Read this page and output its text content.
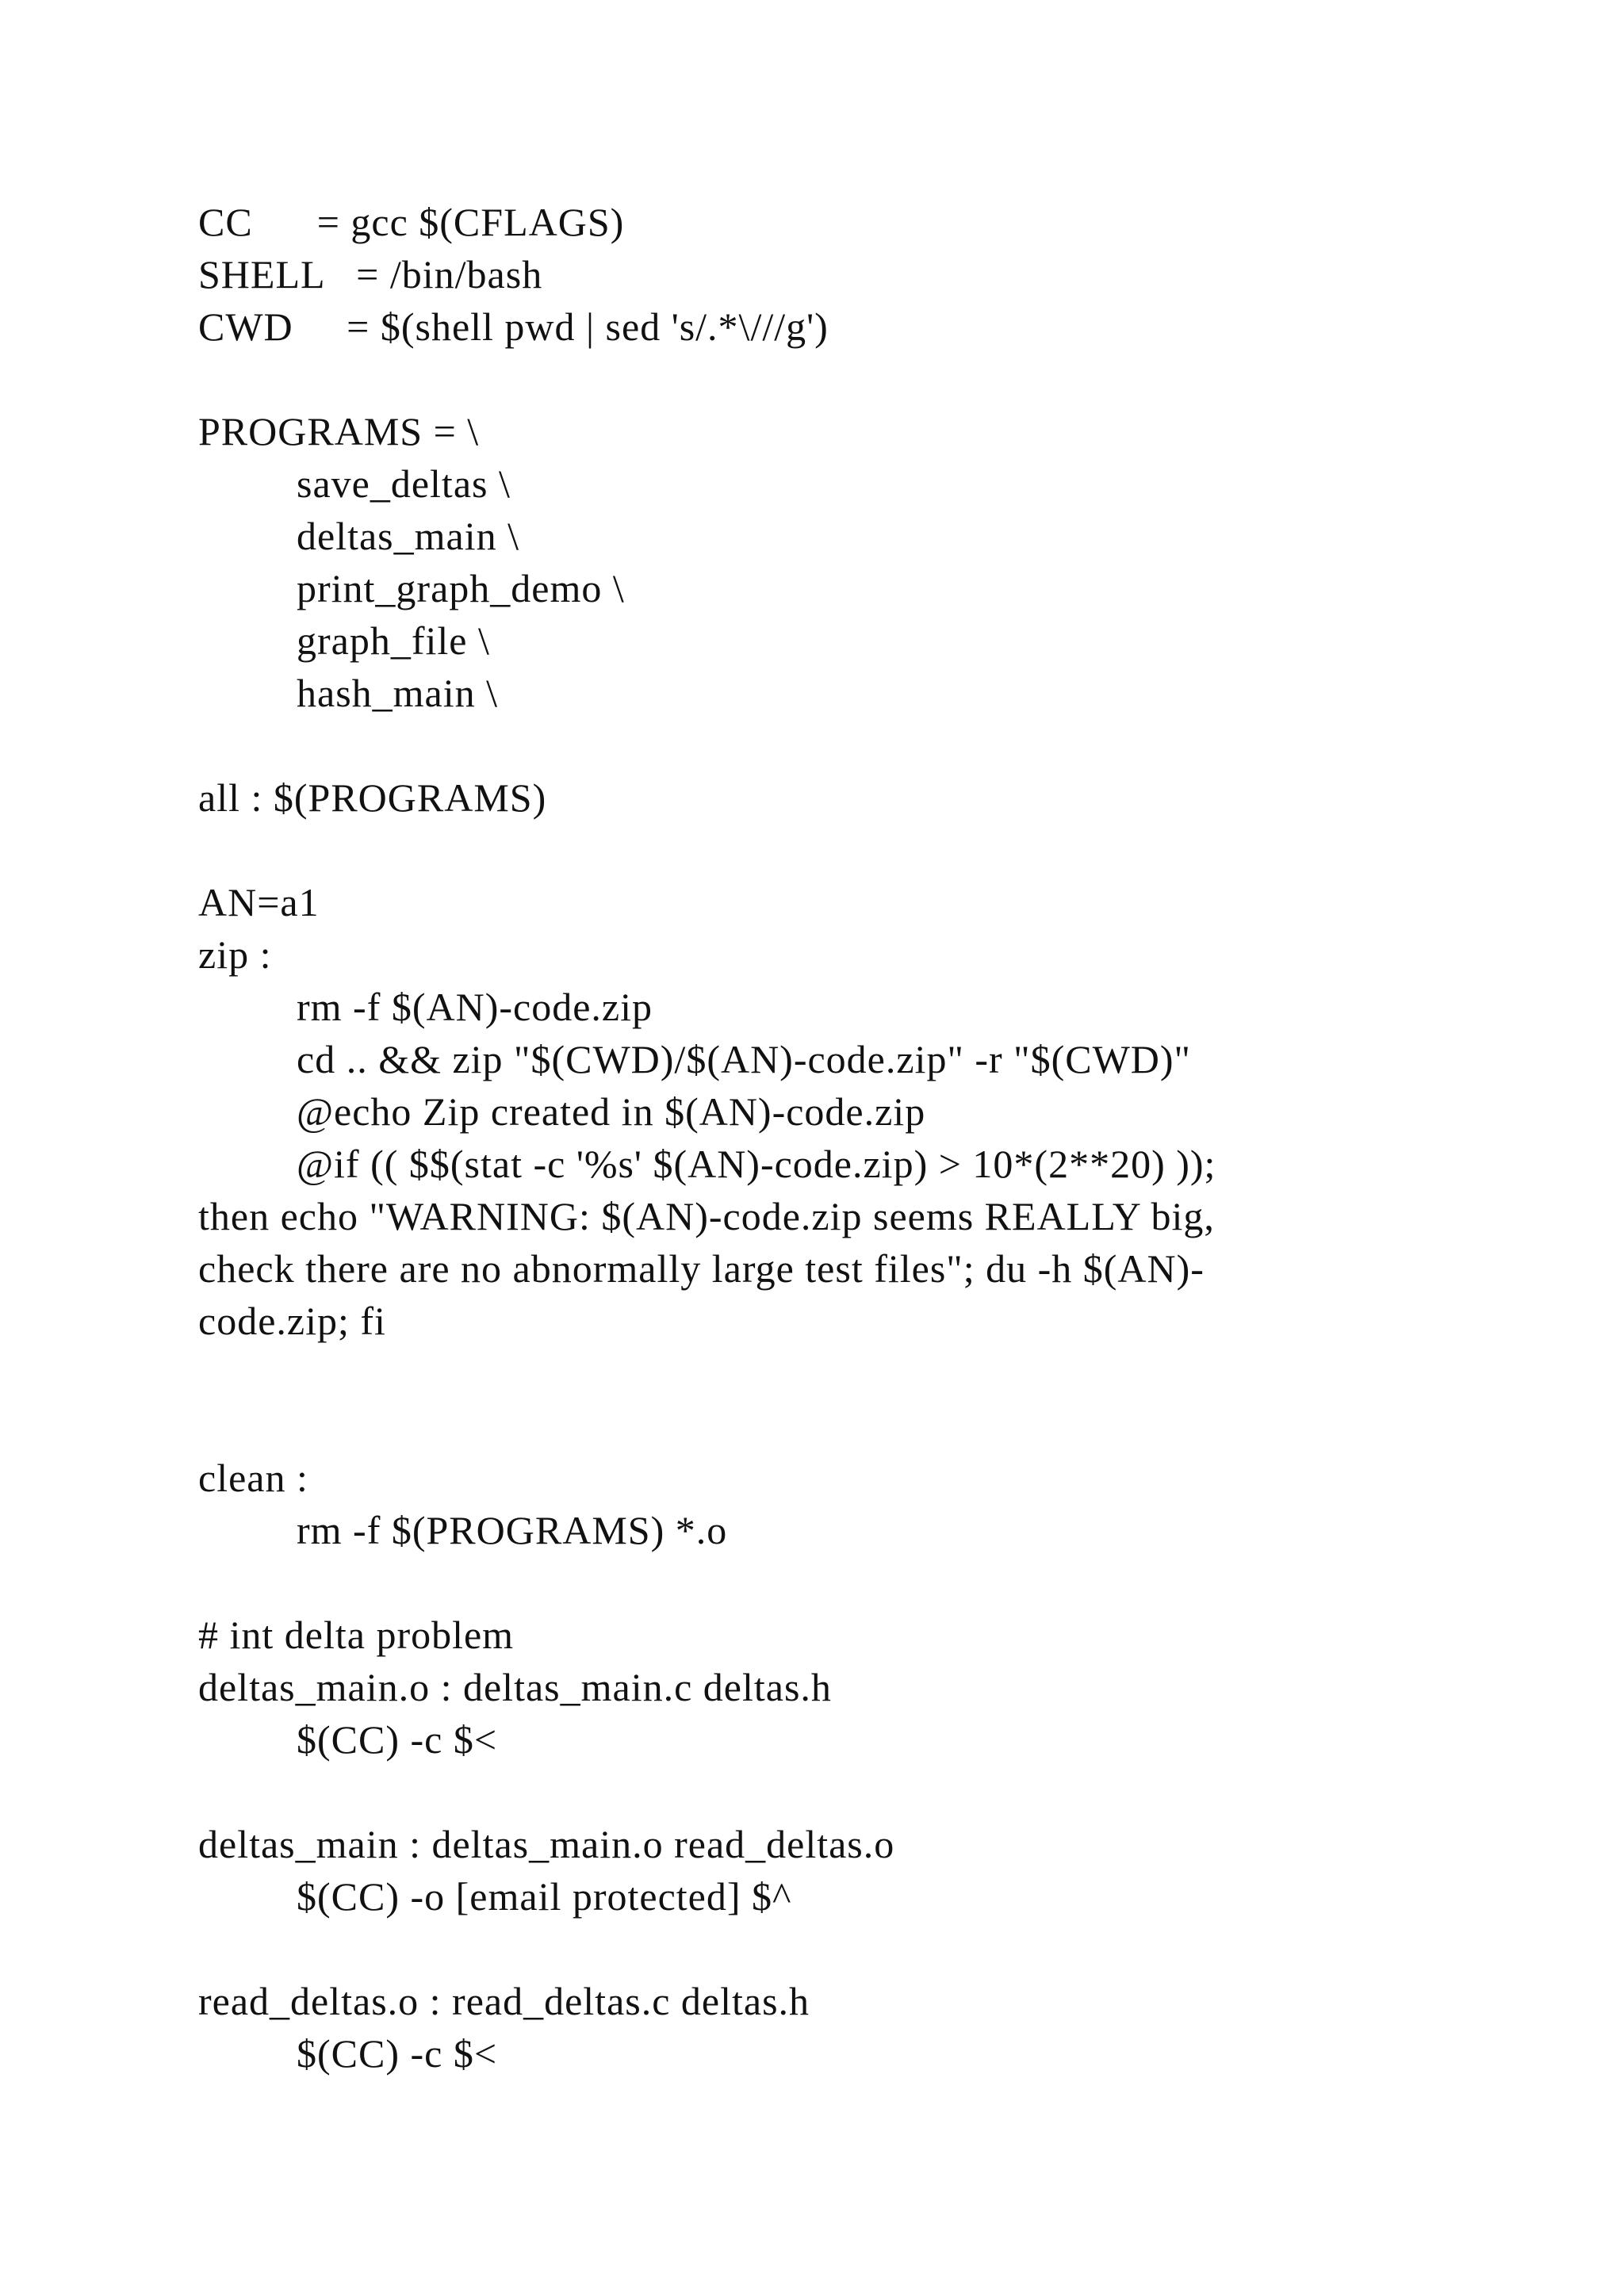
CC      = gcc $(CFLAGS)
SHELL   = /bin/bash
CWD     = $(shell pwd | sed 's/.*\///g')
PROGRAMS = \
save_deltas \
deltas_main \
print_graph_demo \
graph_file \
hash_main \
all : $(PROGRAMS)
AN=a1
zip :
rm -f $(AN)-code.zip
cd .. && zip "$(CWD)/$(AN)-code.zip" -r "$(CWD)"
@echo Zip created in $(AN)-code.zip
@if (( $$(stat -c '%s' $(AN)-code.zip) > 10*(2**20) ));
then echo "WARNING: $(AN)-code.zip seems REALLY big,
check there are no abnormally large test files"; du -h $(AN)-
code.zip; fi
clean :
rm -f $(PROGRAMS) *.o
# int delta problem
deltas_main.o : deltas_main.c deltas.h
$(CC) -c $<
deltas_main : deltas_main.o read_deltas.o
$(CC) -o [email protected] $^
read_deltas.o : read_deltas.c deltas.h
$(CC) -c $<
